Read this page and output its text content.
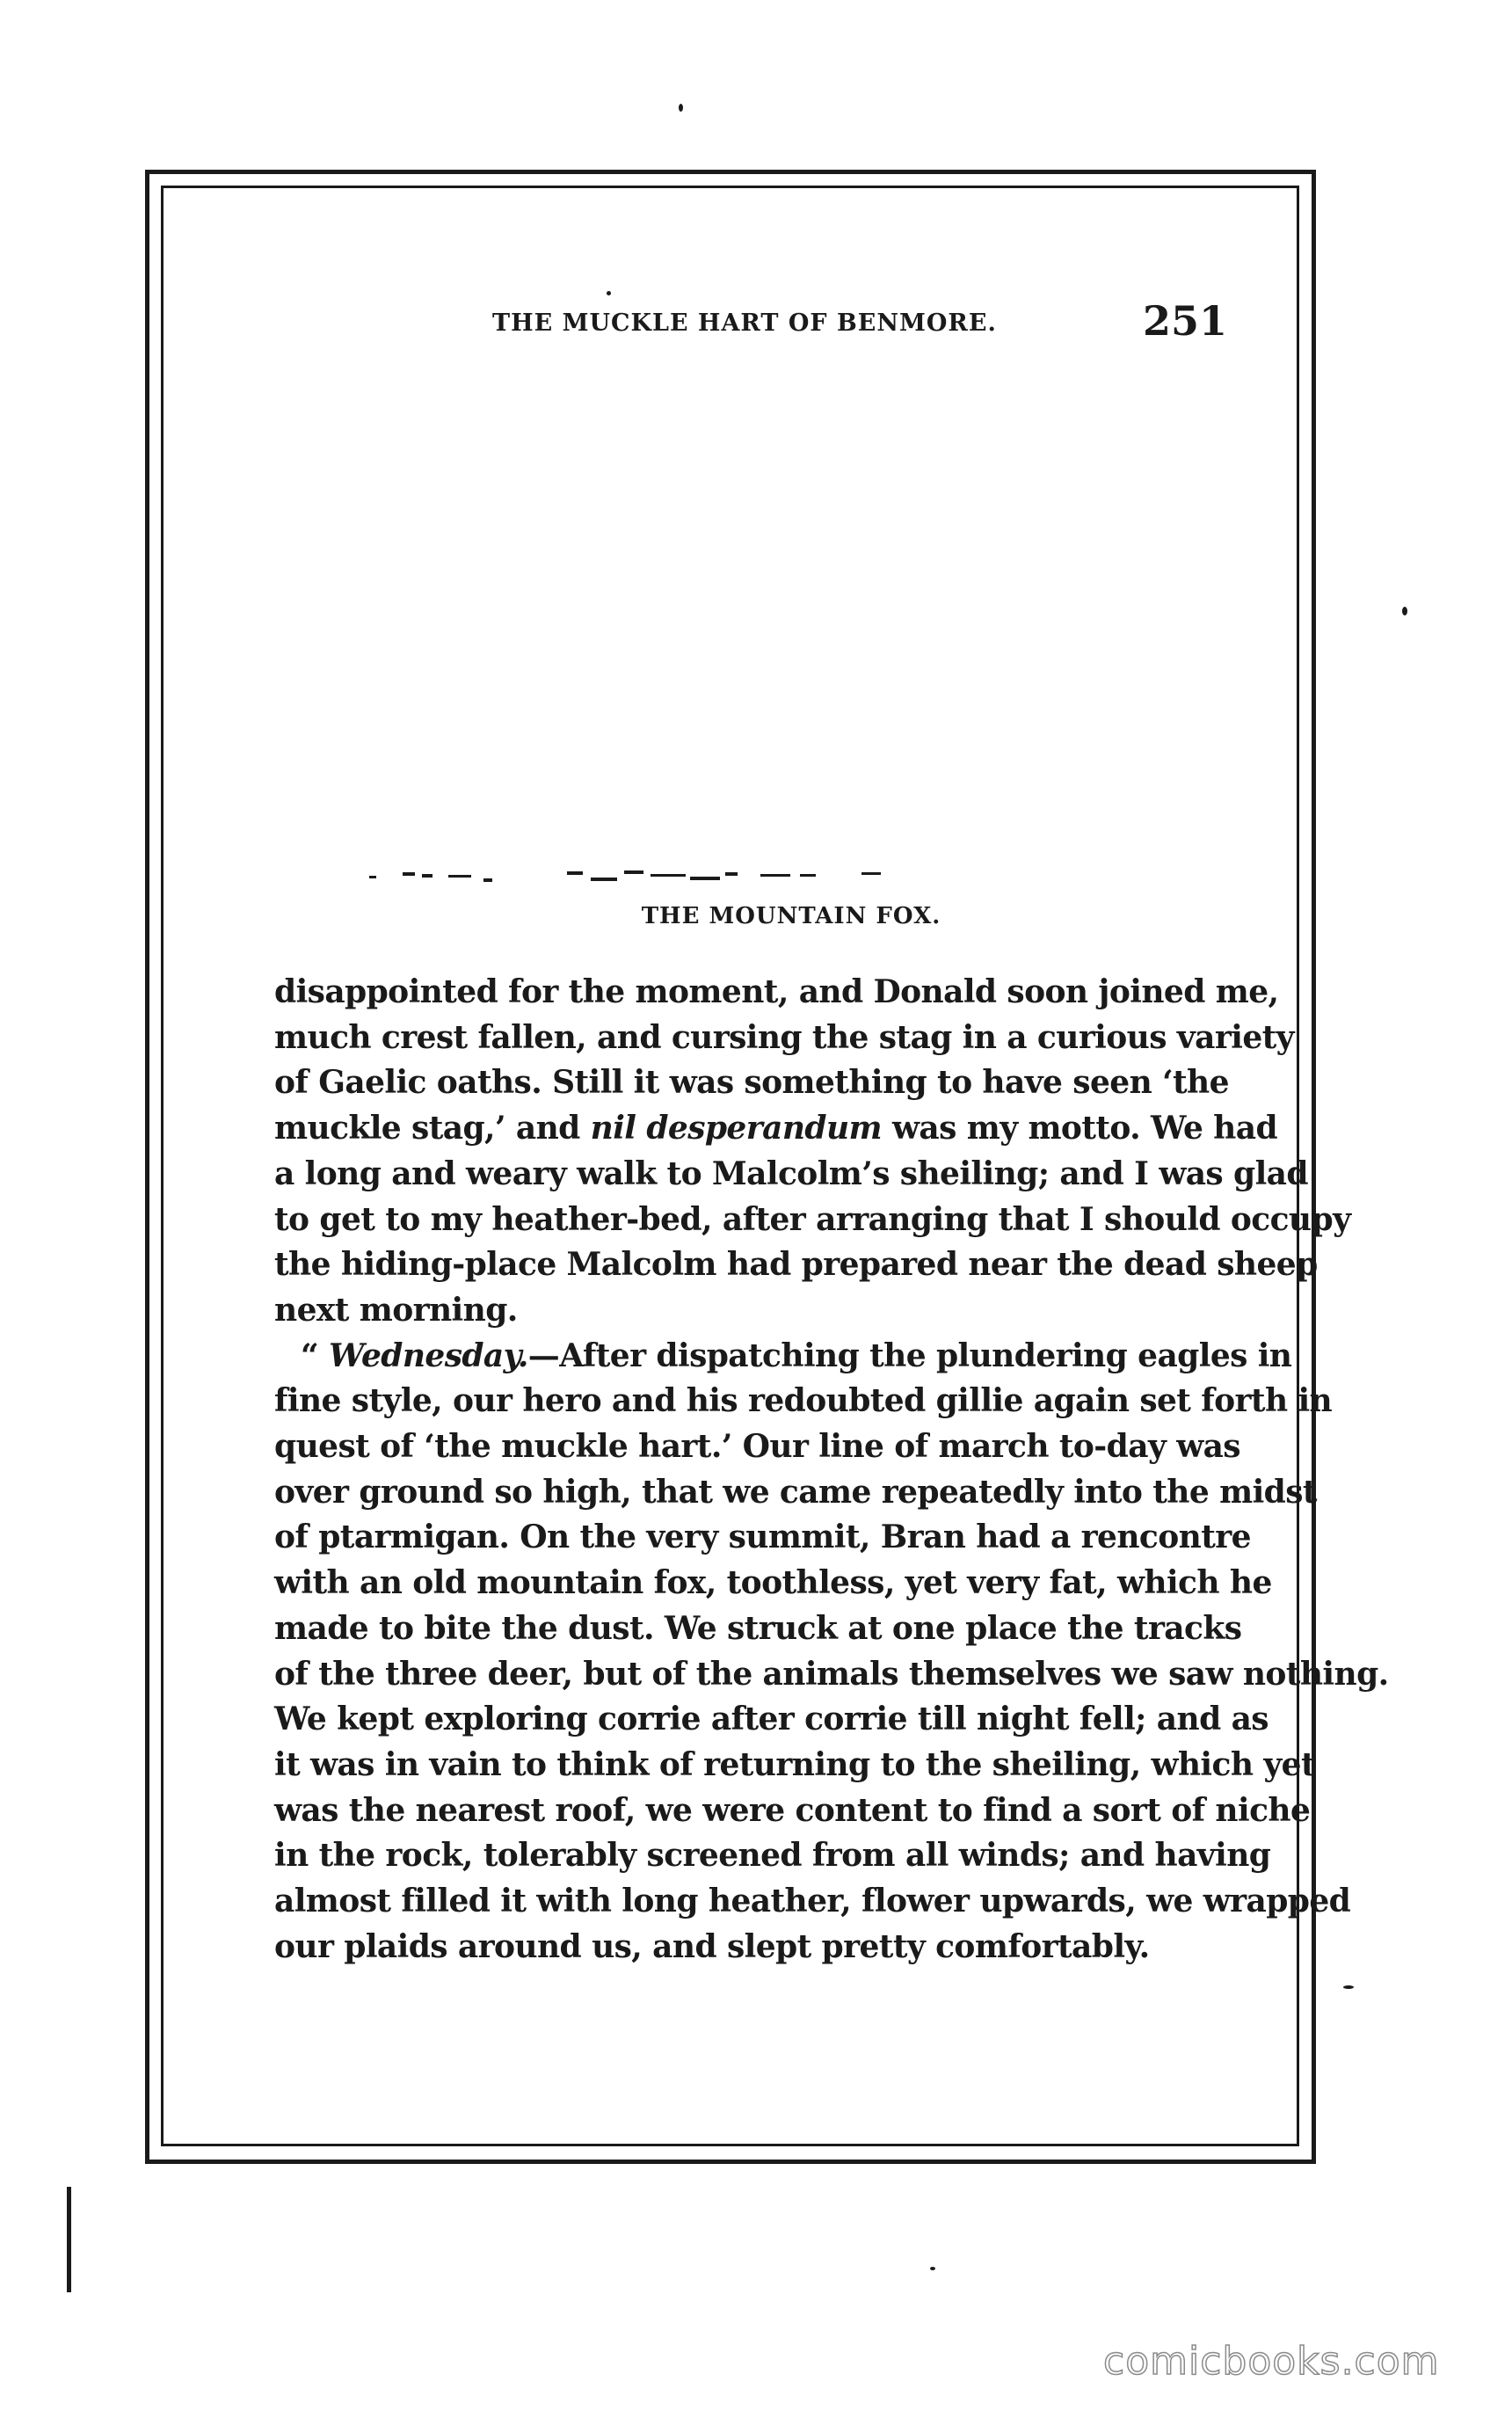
THE MUCKLE HART OF BENMORE.	251
THE MOUNTAIN FOX.
disappointed for the moment, and Donald soon joined me,
much crest fallen, and cursing the stag in a curious variety
of Gaelic oaths. Still it was something to have seen ‘the
muckle stag,’ and nil desperandum was my motto. We had
a long and weary walk to Malcolm’s sheiling; and I was glad
to get to my heather-bed, after arranging that I should occupy
the hiding-place Malcolm had prepared near the dead sheep
next morning.
“ Wednesday.—After dispatching the plundering eagles in
fine style, our hero and his redoubted gillie again set forth in
quest of ‘the muckle hart.’ Our line of march to-day was
over ground so high, that we came repeatedly into the midst
of ptarmigan. On the very summit, Bran had a rencontre
with an old mountain fox, toothless, yet very fat, which he
made to bite the dust. We struck at one place the tracks
of the three deer, but of the animals themselves we saw nothing.
We kept exploring corrie after corrie till night fell; and as
it was in vain to think of returning to the sheiling, which yet
was the nearest roof, we were content to find a sort of niche
in the rock, tolerably screened from all winds; and having
almost filled it with long heather, flower upwards, we wrapped
our plaids around us, and slept pretty comfortably.
comicbooks.com
